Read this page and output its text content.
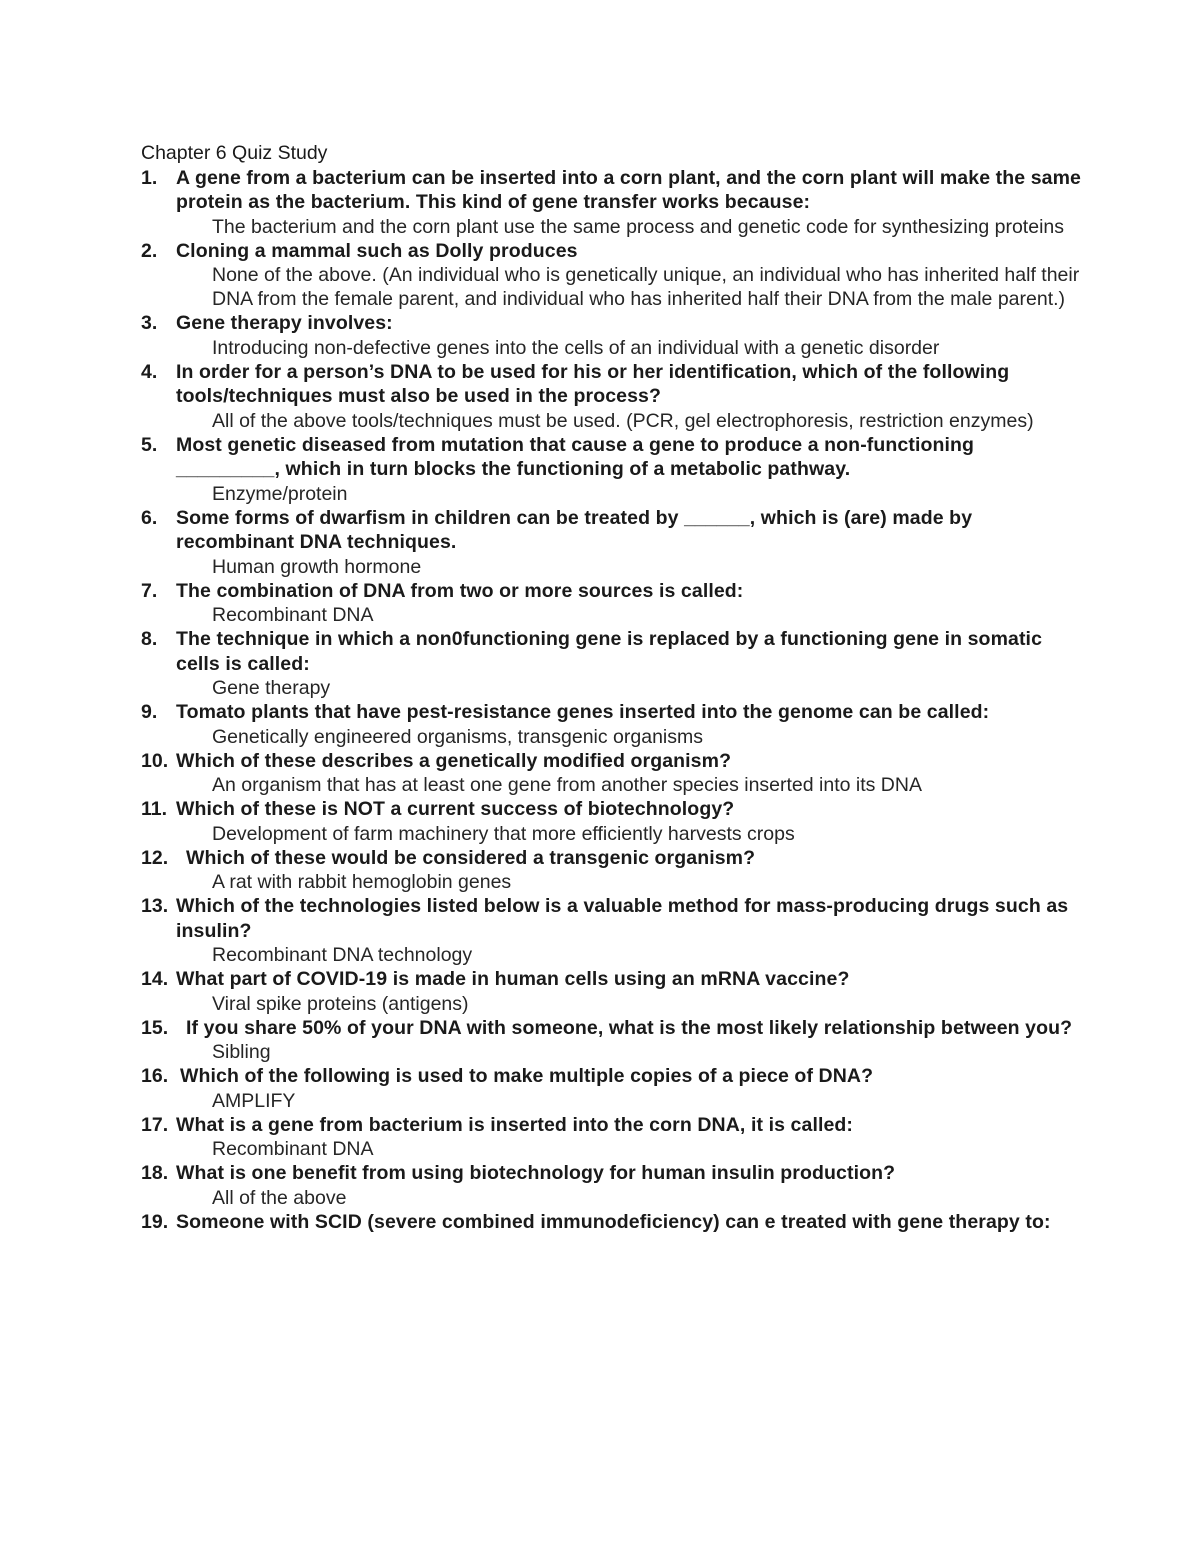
Chapter 6 Quiz Study
1. A gene from a bacterium can be inserted into a corn plant, and the corn plant will make the same protein as the bacterium. This kind of gene transfer works because:
The bacterium and the corn plant use the same process and genetic code for synthesizing proteins
2. Cloning a mammal such as Dolly produces
None of the above. (An individual who is genetically unique, an individual who has inherited half their DNA from the female parent, and individual who has inherited half their DNA from the male parent.)
3. Gene therapy involves:
Introducing non-defective genes into the cells of an individual with a genetic disorder
4. In order for a person’s DNA to be used for his or her identification, which of the following tools/techniques must also be used in the process?
All of the above tools/techniques must be used. (PCR, gel electrophoresis, restriction enzymes)
5. Most genetic diseased from mutation that cause a gene to produce a non-functioning _________, which in turn blocks the functioning of a metabolic pathway.
Enzyme/protein
6. Some forms of dwarfism in children can be treated by ______, which is (are) made by recombinant DNA techniques.
Human growth hormone
7. The combination of DNA from two or more sources is called:
Recombinant DNA
8. The technique in which a non0functioning gene is replaced by a functioning gene in somatic cells is called:
Gene therapy
9. Tomato plants that have pest-resistance genes inserted into the genome can be called:
Genetically engineered organisms, transgenic organisms
10. Which of these describes a genetically modified organism?
An organism that has at least one gene from another species inserted into its DNA
11. Which of these is NOT a current success of biotechnology?
Development of farm machinery that more efficiently harvests crops
12. Which of these would be considered a transgenic organism?
A rat with rabbit hemoglobin genes
13. Which of the technologies listed below is a valuable method for mass-producing drugs such as insulin?
Recombinant DNA technology
14. What part of COVID-19 is made in human cells using an mRNA vaccine?
Viral spike proteins (antigens)
15. If you share 50% of your DNA with someone, what is the most likely relationship between you?
Sibling
16. Which of the following is used to make multiple copies of a piece of DNA?
AMPLIFY
17. What is a gene from bacterium is inserted into the corn DNA, it is called:
Recombinant DNA
18. What is one benefit from using biotechnology for human insulin production?
All of the above
19. Someone with SCID (severe combined immunodeficiency) can e treated with gene therapy to:
